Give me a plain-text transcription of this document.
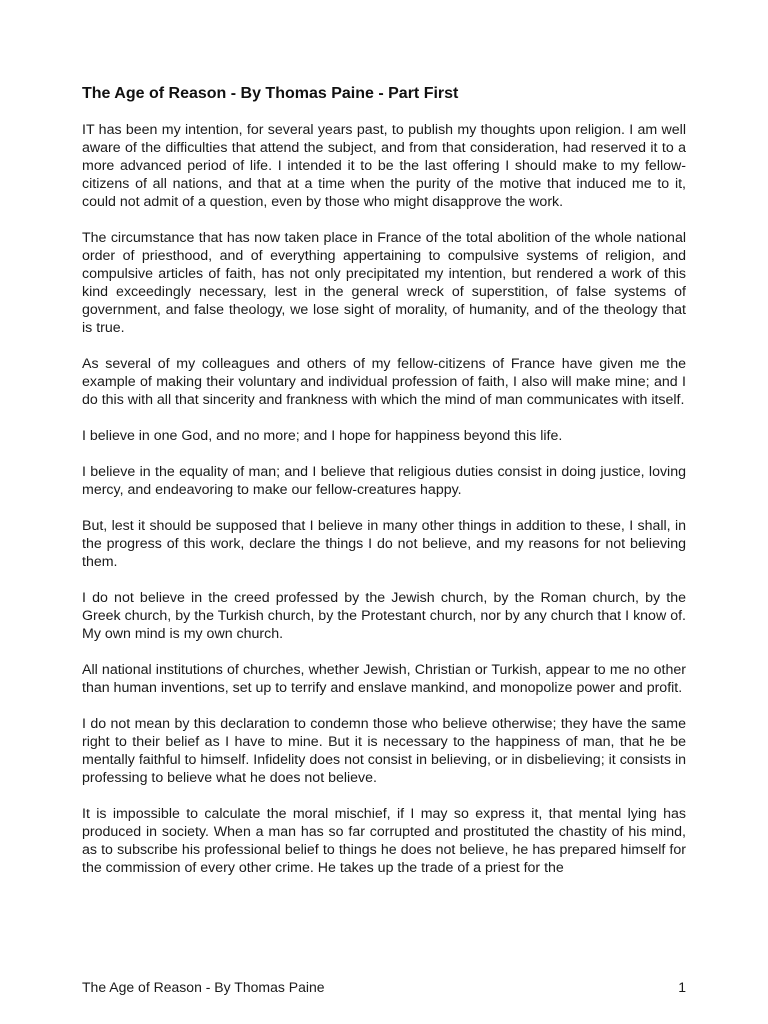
The Age of Reason - By Thomas Paine - Part First

IT has been my intention, for several years past, to publish my thoughts upon religion. I am well aware of the difficulties that attend the subject, and from that consideration, had reserved it to a more advanced period of life. I intended it to be the last offering I should make to my fellow-citizens of all nations, and that at a time when the purity of the motive that induced me to it, could not admit of a question, even by those who might disapprove the work.

The circumstance that has now taken place in France of the total abolition of the whole national order of priesthood, and of everything appertaining to compulsive systems of religion, and compulsive articles of faith, has not only precipitated my intention, but rendered a work of this kind exceedingly necessary, lest in the general wreck of superstition, of false systems of government, and false theology, we lose sight of morality, of humanity, and of the theology that is true.

As several of my colleagues and others of my fellow-citizens of France have given me the example of making their voluntary and individual profession of faith, I also will make mine; and I do this with all that sincerity and frankness with which the mind of man communicates with itself.

I believe in one God, and no more; and I hope for happiness beyond this life.

I believe in the equality of man; and I believe that religious duties consist in doing justice, loving mercy, and endeavoring to make our fellow-creatures happy.

But, lest it should be supposed that I believe in many other things in addition to these, I shall, in the progress of this work, declare the things I do not believe, and my reasons for not believing them.

I do not believe in the creed professed by the Jewish church, by the Roman church, by the Greek church, by the Turkish church, by the Protestant church, nor by any church that I know of. My own mind is my own church.

All national institutions of churches, whether Jewish, Christian or Turkish, appear to me no other than human inventions, set up to terrify and enslave mankind, and monopolize power and profit.

I do not mean by this declaration to condemn those who believe otherwise; they have the same right to their belief as I have to mine. But it is necessary to the happiness of man, that he be mentally faithful to himself. Infidelity does not consist in believing, or in disbelieving; it consists in professing to believe what he does not believe.

It is impossible to calculate the moral mischief, if I may so express it, that mental lying has produced in society. When a man has so far corrupted and prostituted the chastity of his mind, as to subscribe his professional belief to things he does not believe, he has prepared himself for the commission of every other crime. He takes up the trade of a priest for the

The Age of Reason - By Thomas Paine	1
